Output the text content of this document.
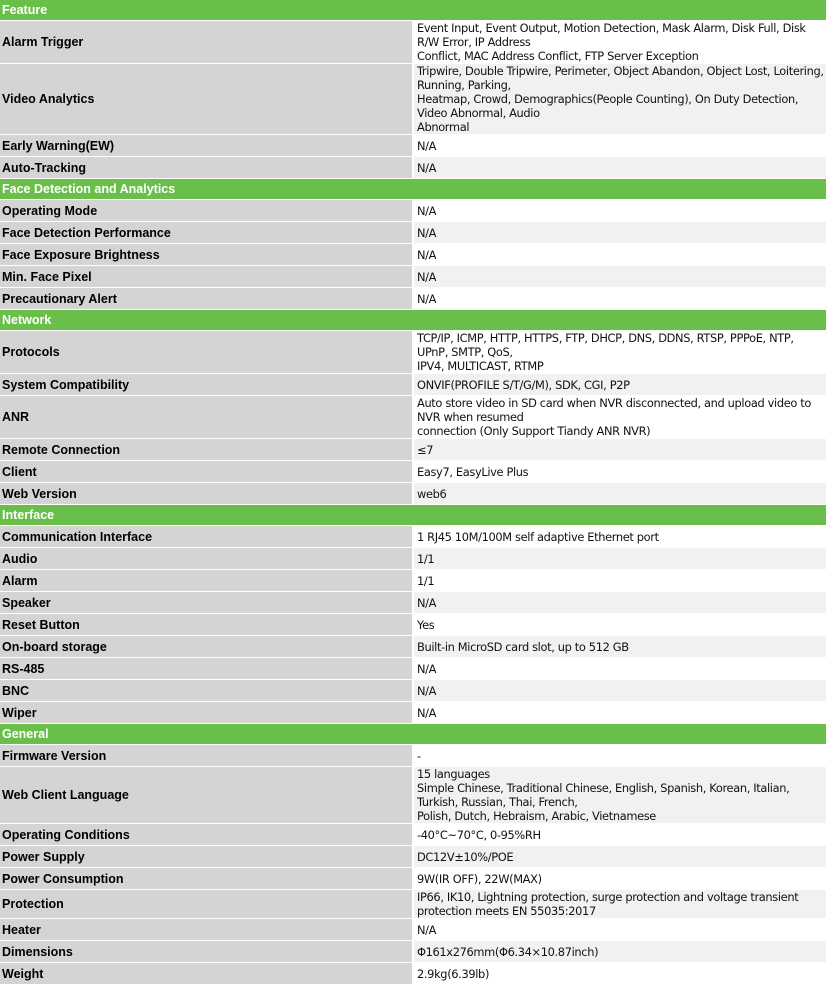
Feature	
Alarm Trigger	Event Input, Event Output, Motion Detection, Mask Alarm, Disk Full, Disk R/W Error, IP Address
Conflict, MAC Address Conflict, FTP Server Exception
Video Analytics	Tripwire, Double Tripwire, Perimeter, Object Abandon, Object Lost, Loitering, Running, Parking,
Heatmap, Crowd, Demographics(People Counting), On Duty Detection, Video Abnormal, Audio
Abnormal
Early Warning(EW)	N/A
Auto-Tracking	N/A
Face Detection and Analytics	
Operating Mode	N/A
Face Detection Performance	N/A
Face Exposure Brightness	N/A
Min. Face Pixel	N/A
Precautionary Alert	N/A
Network	
Protocols	TCP/IP, ICMP, HTTP, HTTPS, FTP, DHCP, DNS, DDNS, RTSP, PPPoE, NTP, UPnP, SMTP, QoS,
IPV4, MULTICAST, RTMP
System Compatibility	ONVIF(PROFILE S/T/G/M), SDK, CGI, P2P
ANR	Auto store video in SD card when NVR disconnected, and upload video to NVR when resumed
connection (Only Support Tiandy ANR NVR)
Remote Connection	≤7
Client	Easy7, EasyLive Plus
Web Version	web6
Interface	
Communication Interface	1 RJ45 10M/100M self adaptive Ethernet port
Audio	1/1
Alarm	1/1
Speaker	N/A
Reset Button	Yes
On-board storage	Built-in MicroSD card slot, up to 512 GB
RS-485	N/A
BNC	N/A
Wiper	N/A
General	
Firmware Version	-
Web Client Language	15 languages
Simple Chinese, Traditional Chinese, English, Spanish, Korean, Italian, Turkish, Russian, Thai, French,
Polish, Dutch, Hebraism, Arabic, Vietnamese
Operating Conditions	-40°C~70°C, 0-95%RH
Power Supply	DC12V±10%/POE
Power Consumption	9W(IR OFF), 22W(MAX)
Protection	IP66, IK10, Lightning protection, surge protection and voltage transient protection meets EN 55035:2017
Heater	N/A
Dimensions	Φ161x276mm(Φ6.34×10.87inch)
Weight	2.9kg(6.39lb)
